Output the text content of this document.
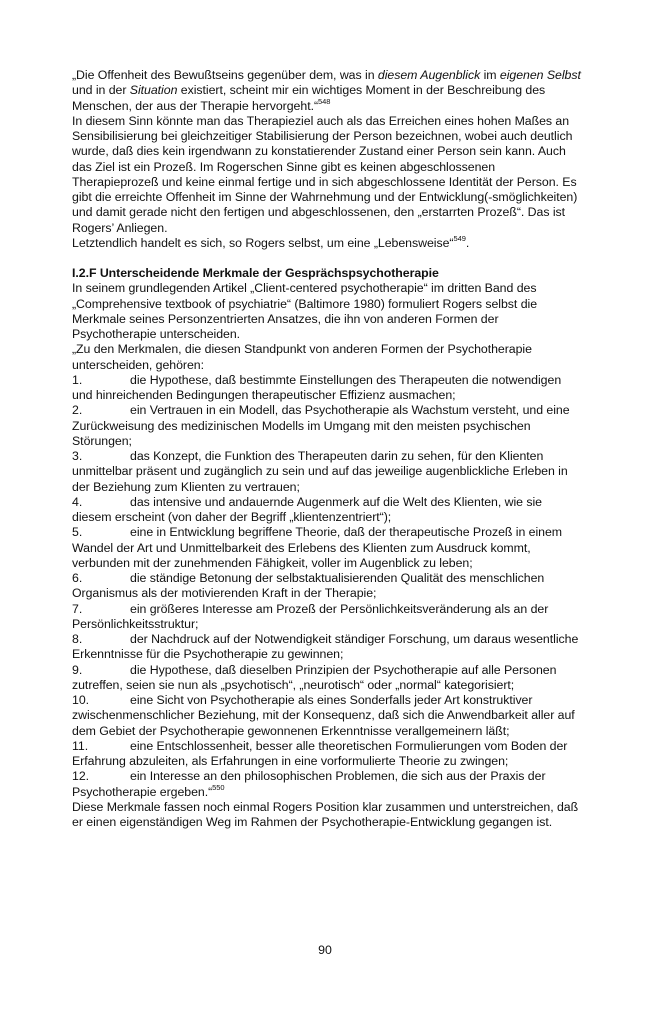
„Die Offenheit des Bewußtseins gegenüber dem, was in diesem Augenblick im eigenen Selbst und in der Situation existiert, scheint mir ein wichtiges Moment in der Beschreibung des Menschen, der aus der Therapie hervorgeht.“$^{548}$

In diesem Sinn könnte man das Therapieziel auch als das Erreichen eines hohen Maßes an Sensibilisierung bei gleichzeitiger Stabilisierung der Person bezeichnen, wobei auch deutlich wurde, daß dies kein irgendwann zu konstatierender Zustand einer Person sein kann. Auch das Ziel ist ein Prozeß. Im Rogerschen Sinne gibt es keinen abgeschlossenen Therapieprozeß und keine einmal fertige und in sich abgeschlossene Identität der Person. Es gibt die erreichte Offenheit im Sinne der Wahrnehmung und der Entwicklung(-smöglichkeiten) und damit gerade nicht den fertigen und abgeschlossenen, den „erstarrten Prozeß“. Das ist Rogers’ Anliegen.

Letztendlich handelt es sich, so Rogers selbst, um eine „Lebensweise“$^{549}$.

I.2.F Unterscheidende Merkmale der Gesprächspsychotherapie

In seinem grundlegenden Artikel „Client-centered psychotherapie“ im dritten Band des „Comprehensive textbook of psychiatrie“ (Baltimore 1980) formuliert Rogers selbst die Merkmale seines Personzentrierten Ansatzes, die ihn von anderen Formen der Psychotherapie unterscheiden.

„Zu den Merkmalen, die diesen Standpunkt von anderen Formen der Psychotherapie unterscheiden, gehören:

1.	die Hypothese, daß bestimmte Einstellungen des Therapeuten die notwendigen und hinreichenden Bedingungen therapeutischer Effizienz ausmachen;

2.	ein Vertrauen in ein Modell, das Psychotherapie als Wachstum versteht, und eine Zurückweisung des medizinischen Modells im Umgang mit den meisten psychischen Störungen;

3.	das Konzept, die Funktion des Therapeuten darin zu sehen, für den Klienten unmittelbar präsent und zugänglich zu sein und auf das jeweilige augenblickliche Erleben in der Beziehung zum Klienten zu vertrauen;

4.	das intensive und andauernde Augenmerk auf die Welt des Klienten, wie sie diesem erscheint (von daher der Begriff „klientenzentriert“);

5.	eine in Entwicklung begriffene Theorie, daß der therapeutische Prozeß in einem Wandel der Art und Unmittelbarkeit des Erlebens des Klienten zum Ausdruck kommt, verbunden mit der zunehmenden Fähigkeit, voller im Augenblick zu leben;

6.	die ständige Betonung der selbstaktualisierenden Qualität des menschlichen Organismus als der motivierenden Kraft in der Therapie;

7.	ein größeres Interesse am Prozeß der Persönlichkeitsveränderung als an der Persönlichkeitsstruktur;

8.	der Nachdruck auf der Notwendigkeit ständiger Forschung, um daraus wesentliche Erkenntnisse für die Psychotherapie zu gewinnen;

9.	die Hypothese, daß dieselben Prinzipien der Psychotherapie auf alle Personen zutreffen, seien sie nun als „psychotisch“, „neurotisch“ oder „normal“ kategorisiert;

10.	eine Sicht von Psychotherapie als eines Sonderfalls jeder Art konstruktiver zwischenmenschlicher Beziehung, mit der Konsequenz, daß sich die Anwendbarkeit aller auf dem Gebiet der Psychotherapie gewonnenen Erkenntnisse verallgemeinern läßt;

11.	eine Entschlossenheit, besser alle theoretischen Formulierungen vom Boden der Erfahrung abzuleiten, als Erfahrungen in eine vorformulierte Theorie zu zwingen;

12.	ein Interesse an den philosophischen Problemen, die sich aus der Praxis der Psychotherapie ergeben.“$^{550}$

Diese Merkmale fassen noch einmal Rogers Position klar zusammen und unterstreichen, daß er einen eigenständigen Weg im Rahmen der Psychotherapie-Entwicklung gegangen ist.

90
